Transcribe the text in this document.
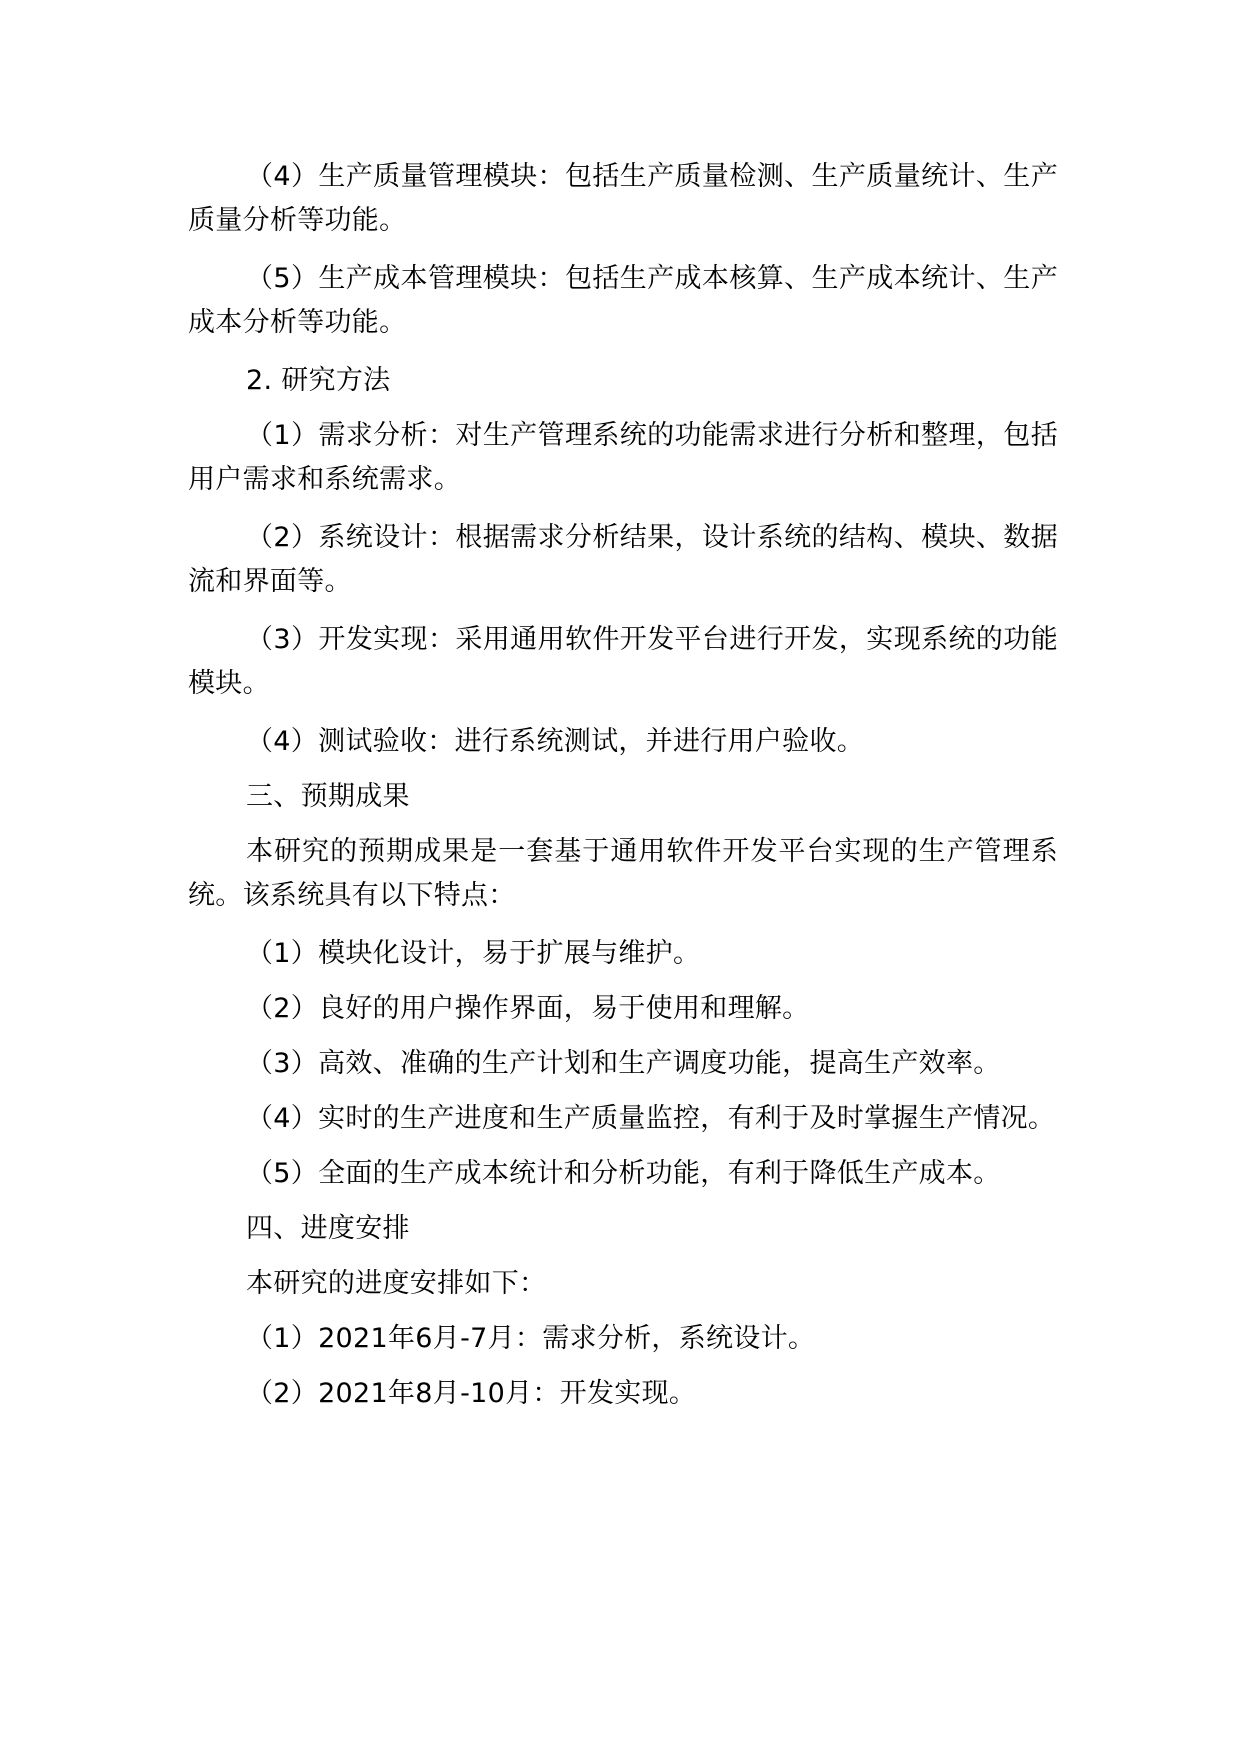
（4）生产质量管理模块：包括生产质量检测、生产质量统计、生产质量分析等功能。

（5）生产成本管理模块：包括生产成本核算、生产成本统计、生产成本分析等功能。

2. 研究方法

（1）需求分析：对生产管理系统的功能需求进行分析和整理，包括用户需求和系统需求。

（2）系统设计：根据需求分析结果，设计系统的结构、模块、数据流和界面等。

（3）开发实现：采用通用软件开发平台进行开发，实现系统的功能模块。

（4）测试验收：进行系统测试，并进行用户验收。

三、预期成果

本研究的预期成果是一套基于通用软件开发平台实现的生产管理系统。该系统具有以下特点：

（1）模块化设计，易于扩展与维护。

（2）良好的用户操作界面，易于使用和理解。

（3）高效、准确的生产计划和生产调度功能，提高生产效率。

（4）实时的生产进度和生产质量监控，有利于及时掌握生产情况。

（5）全面的生产成本统计和分析功能，有利于降低生产成本。

四、进度安排

本研究的进度安排如下：

（1）2021年6月-7月：需求分析，系统设计。

（2）2021年8月-10月：开发实现。
